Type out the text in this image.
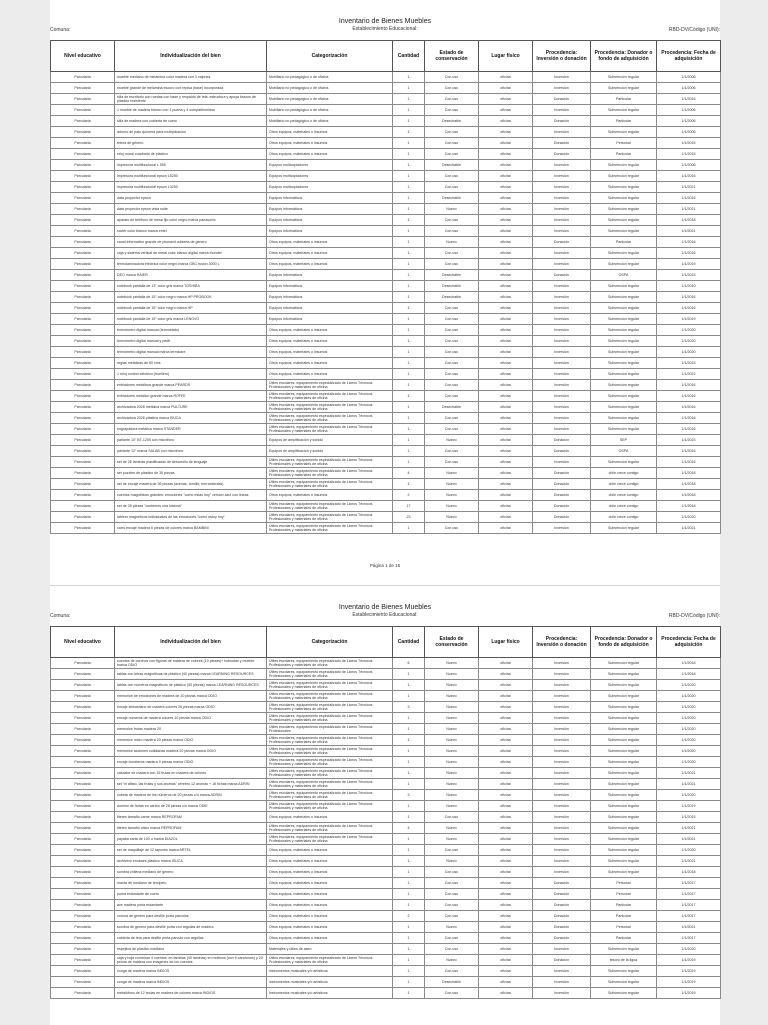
Inventario de Bienes Muebles
Establecimiento Educacional:
Comuna:	RBD-DV/Código (UNI):
Nivel educativo	Individualización del bien	Categorización	Cantidad	Estado de conservación	Lugar físico	Procedencia: Inversión o donación	Procedencia: Donador o fondo de adquisición	Procedencia: Fecha de adquisición
Parvularia	mueble mediano de melamina color madera con 3 cajones	Mobiliario no pedagógico o de oficina	1	Con uso	oficina	Inversión	Subvencion regular	1/1/2006
Parvularia	mueble grande de melamina escuro con repisa (base) incorporada	Mobiliario no pedagógico o de oficina	1	Con uso	oficina	Inversión	Subvencion regular	1/1/2006
Parvularia	silla de escritorio con ruedas con base y respaldo de tela, estructura y apoya brazos de plástico resistente	Mobiliario no pedagógico o de oficina	1	Con uso	oficina	Donación	Particular	1/1/2016
Parvularia	1 mueble de madera blanco con 1 puerta y 4 compartimentos	Mobiliario no pedagógico o de oficina	1	Con uso	oficina	Inversión	Subvencion regular	1/1/2006
Parvularia	silla de madera con cubierta de cuero	Mobiliario no pedagógico o de oficina	1	Desechable	oficina	Donación	Particular	1/1/2006
Parvularia	adorno de pato quimera para multiplicación	Otros equipos, materiales o insumos	1	Con uso	oficina	Inversión	Subvencion regular	1/1/2006
Parvularia	tetera de género	Otros equipos, materiales o insumos	1	Con uso	oficina	Donación	Personal	1/1/2015
Parvularia	reloj mural cuadrado de plástico	Otros equipos, materiales o insumos	1	Con uso	oficina	Donación	Particular	1/1/2015
Parvularia	impresora multifuncional L 555	Equipos multicopiadores	1	Desechable	oficina	Inversión	Subvencion regular	1/1/2006
Parvularia	impresora multifuncional epson L5250	Equipos multicopiadores	1	Con uso	oficina	Inversión	Subvencion regular	1/1/2016
Parvularia	impresora multifuncional epson L3250	Equipos multicopiadores	1	Con uso	oficina	Inversión	Subvencion regular	1/1/2021
Parvularia	data proyector epson	Equipos informáticos	1	Desechable	oficina	Inversión	Subvencion regular	1/1/2016
Parvularia	data proyector epson vista suite	Equipos informáticos	1	Nuevo	oficina	Inversión	Subvencion regular	1/1/2021
Parvularia	aparato de teléfono de mesa fijo color negro marca panasonic	Equipos informáticos	1	Con uso	oficina	Inversión	Subvencion regular	1/1/2018
Parvularia	router color blanco marca entel	Equipos informáticos	1	Con uso	oficina	Inversión	Subvencion regular	1/1/2021
Parvularia	canal informativo grande de plumavit cubierta de genero	Otros equipos, materiales o insumos	1	Nuevo	oficina	Donación	Particular	1/1/2016
Parvularia	caja y sistema vertical de metal color blanco digital marca thunder	Otros equipos, materiales o insumos	1	Con uso	oficina	Inversión	Subvencion regular	1/1/2016
Parvularia	termolaminadora eléctrica color negro marca GBC fusion 3000 L	Otros equipos, materiales o insumos	1	Con uso	oficina	Inversión	Subvencion regular	1/1/2019
Parvularia	DEO marca HAIER	Equipos informáticos	1	Desechable	oficina	Donación	OSPA	1/1/2015
Parvularia	notebook pantalla de 13" color gris marca TOSHIBA	Equipos informáticos	1	Desechable	oficina	Inversión	Subvencion regular	1/1/2010
Parvularia	notebook pantalla de 15" color negro marca HP PROBOOK	Equipos informáticos	1	Desechable	oficina	Inversión	Subvencion regular	1/1/2016
Parvularia	notebook pantalla de 15" color negro marca HP	Equipos informáticos	1	Con uso	oficina	Inversión	Subvencion regular	1/1/2016
Parvularia	notebook pantalla de 15" color gris marca LENOVO	Equipos informáticos	1	Con uso	oficina	Inversión	Subvencion regular	1/1/2019
Parvularia	termómetro digital manual (termostato)	Otros equipos, materiales o insumos	1	Con uso	oficina	Inversión	Subvencion regular	1/1/2020
Parvularia	termómetro digital manual y pedil	Otros equipos, materiales o insumos	1	Con uso	oficina	Inversión	Subvencion regular	1/1/2020
Parvularia	termómetro digital manual marca termicare	Otros equipos, materiales o insumos	1	Con uso	oficina	Inversión	Subvencion regular	1/1/2020
Parvularia	reglas metálicas de 60 cms	Otros equipos, materiales o insumos	1	Con uso	oficina	Inversión	Subvencion regular	1/1/2015
Parvularia	1 reloj control eléctrico (huellero)	Otros equipos, materiales o insumos	1	Con uso	oficina	Inversión	Subvencion regular	1/1/2022
Parvularia	enfriadores metálicos grande marca PEARDS	Útiles escolares, equipamiento especializado de Liceos Técnicos Profesionales y materiales de oficina	1	Con uso	oficina	Inversión	Subvencion regular	1/1/2016
Parvularia	enfriadores metálico grande marca ROFFE	Útiles escolares, equipamiento especializado de Liceos Técnicos Profesionales y materiales de oficina	1	Con uso	oficina	Inversión	Subvencion regular	1/1/2016
Parvularia	archivadora 2026 metálica marca PULTURE	Útiles escolares, equipamiento especializado de Liceos Técnicos Profesionales y materiales de oficina	1	Desechable	oficina	Inversión	Subvencion regular	1/1/2016
Parvularia	archivadora 2026 plástica marca ISUCA	Útiles escolares, equipamiento especializado de Liceos Técnicos Profesionales y materiales de oficina	1	Con uso	oficina	Inversión	Subvencion regular	1/1/2016
Parvularia	engrapadora metalica marca STANDER	Útiles escolares, equipamiento especializado de Liceos Técnicos Profesionales y materiales de oficina	1	Con uso	oficina	Inversión	Subvencion regular	1/1/2016
Parvularia	parlante 10" BT-1205 con micrófono	Equipos de amplificación y sonido	1	Nuevo	oficina	Donación	SEP	1/1/2023
Parvularia	parlante 12" marca SALAB con micrófono	Equipos de amplificación y sonido	1	Con uso	oficina	Donación	OSPA	1/1/2016
Parvularia	set de 26 láminas plastificadas de desarrollo de lenguaje	Útiles escolares, equipamiento especializado de Liceos Técnicos Profesionales y materiales de oficina	1	Con uso	oficina	Inversión	Subvencion regular	1/1/2016
Parvularia	set puzzles de plástico de 30 piezas	Útiles escolares, equipamiento especializado de Liceos Técnicos Profesionales y materiales de oficina	4	Nuevo	oficina	Donación	chile crece contigo	1/1/2018
Parvularia	set de encaje madera de 36 piezas (avenas, tornillo, herramientas)	Útiles escolares, equipamiento especializado de Liceos Técnicos Profesionales y materiales de oficina	1	Nuevo	oficina	Donación	chile crece contigo	1/1/2018
Parvularia	cuentos magnéticos grandes: emociones "como estas hoy" version azul con lineas	Otros equipos, materiales o insumos	2	Nuevo	oficina	Donación	chile crece contigo	1/1/2018
Parvularia	set de 39 piezas "contemos una historia"	Útiles escolares, equipamiento especializado de Liceos Técnicos Profesionales y materiales de oficina	17	Nuevo	oficina	Donación	chile crece contigo	1/1/2018
Parvularia	tablero magnéticos individuales de las emociones "como estoy hoy"	Útiles escolares, equipamiento especializado de Liceos Técnicos Profesionales y materiales de oficina	23	Nuevo	oficina	Donación	chile crece contigo	1/1/2020
Parvularia	carro encaje madera 6 piezas de colores marca BAMBINI	Útiles escolares, equipamiento especializado de Liceos Técnicos Profesionales y materiales de oficina	1	Con uso	oficina	Inversión	Subvencion regular	1/1/2021
Página 1 de 15
Inventario de Bienes Muebles
Establecimiento Educacional:
Comuna:	RBD-DV/Código (UNI):
Nivel educativo	Individualización del bien	Categorización	Cantidad	Estado de conservación	Lugar físico	Procedencia: Inversión o donación	Procedencia: Donador o fondo de adquisición	Procedencia: Fecha de adquisición
Parvularia	cuentos de corchos con figuras de madera de colores (10 piezas)+ bolsudas y mueble marca ODIO	Útiles escolares, equipamiento especializado de Liceos Técnicos Profesionales y materiales de oficina	6	Nuevo	oficina	Inversión	Subvencion regular	1/1/2018
Parvularia	tablas con letras magnéticas de plástico (40 piezas) marca LEARNING RESOURCES	Útiles escolares, equipamiento especializado de Liceos Técnicos Profesionales y materiales de oficina	1	Nuevo	oficina	Inversión	Subvencion regular	1/1/2018
Parvularia	tablas con números magnéticos de plástico (50 piezas) marca LEARNING RESOURCES	Útiles escolares, equipamiento especializado de Liceos Técnicos Profesionales y materiales de oficina	1	Nuevo	oficina	Inversión	Subvencion regular	1/1/2020
Parvularia	memorice de emociones de madera de 20 piezas marca ODIO	Útiles escolares, equipamiento especializado de Liceos Técnicos Profesionales y materiales de oficina	1	Nuevo	oficina	Inversión	Subvencion regular	1/1/2020
Parvularia	encaje abecedario de madera colores 26 piezas marca ODIO	Útiles escolares, equipamiento especializado de Liceos Técnicos Profesionales y materiales de oficina	3	Nuevo	oficina	Inversión	Subvencion regular	1/1/2020
Parvularia	encaje números de madera colores 10 piezas marca ODIO	Útiles escolares, equipamiento especializado de Liceos Técnicos Profesionales y materiales de oficina	1	Nuevo	oficina	Inversión	Subvencion regular	1/1/2020
Parvularia	memorice frutas madera 20	Útiles escolares, equipamiento especializado de Liceos Técnicos Profesionales	1	Nuevo	oficina	Inversión	Subvencion regular	1/1/2020
Parvularia	memorice micro madera 20 piezas marca ODIO	Útiles escolares, equipamiento especializado de Liceos Técnicos Profesionales y materiales de oficina	1	Nuevo	oficina	Inversión	Subvencion regular	1/1/2020
Parvularia	memorice acciones cotidianas madera 20 piezas marca ODIO	Útiles escolares, equipamiento especializado de Liceos Técnicos Profesionales y materiales de oficina	1	Nuevo	oficina	Inversión	Subvencion regular	1/1/2020
Parvularia	encaje bomberos madera 9 piezas marca ODIO	Útiles escolares, equipamiento especializado de Liceos Técnicos Profesionales y materiales de oficina	1	Nuevo	oficina	Inversión	Subvencion regular	1/1/2020
Parvularia	cascabe de madera con 15 frutas en madera de colores	Útiles escolares, equipamiento especializado de Liceos Técnicos Profesionales y materiales de oficina	1	Nuevo	oficina	Inversión	Subvencion regular	1/1/2021
Parvularia	set "el alfato, las frutas y sus aromas" cerebro 12 aromas + 16 fichas marca ADRIN	Útiles escolares, equipamiento especializado de Liceos Técnicos Profesionales y materiales de oficina	1	Nuevo	oficina	Inversión	Subvencion regular	1/1/2021
Parvularia	cubeta de madera de los números de 20 piezas c/u marca ADRIN	Útiles escolares, equipamiento especializado de Liceos Técnicos Profesionales y materiales de oficina	3	Nuevo	oficina	Inversión	Subvencion regular	1/1/2020
Parvularia	domino de frutas en cartón de 28 piezas c/u marca ODIE	Útiles escolares, equipamiento especializado de Liceos Técnicos Profesionales y materiales de oficina	1	Nuevo	oficina	Inversión	Subvencion regular	1/1/2019
Parvularia	titeres tamaño carne marca REPROFAM	Otros equipos, materiales o insumos	1	Con uso	oficina	Inversión	Subvencion regular	1/1/2015
Parvularia	titeres tamaño oficio marca REPROFAM	Útiles escolares, equipamiento especializado de Liceos Técnicos Profesionales y materiales de oficina	4	Nuevo	oficina	Inversión	Subvencion regular	1/1/2021
Parvularia	payaba carta de 100 u marca DIAZOL	Útiles escolares, equipamiento especializado de Liceos Técnicos Profesionales y materiales de oficina	1	Nuevo	oficina	Inversión	Subvencion regular	1/1/2021
Parvularia	set de maquillaje de 12 tapones marca ARTEL	Otros equipos, materiales o insumos	1	Con uso	oficina	Inversión	Subvencion regular	1/1/2020
Parvularia	archivero enubaes plastico marca ISUCA	Otros equipos, materiales o insumos	1	Nuevo	oficina	Inversión	Subvencion regular	1/1/2021
Parvularia	sombra chilena mediano de genero	Otros equipos, materiales o insumos	1	Con uso	oficina	Inversión	Subvencion regular	1/1/2018
Parvularia	manta de mediano de tercipelo	Otros equipos, materiales o insumos	1	Con uso	oficina	Donación	Personal	1/1/2017
Parvularia	poma estandarte de cuero	Otros equipos, materiales o insumos	1	Con uso	oficina	Donación	Personal	1/1/2017
Parvularia	ave madera porta estandarte	Otros equipos, materiales o insumos	1	Con uso	oficina	Donación	Particular	1/1/2017
Parvularia	corona de genero para desfile porta parvulos	Otros equipos, materiales o insumos	2	Con uso	oficina	Donación	Particular	1/1/2017
Parvularia	sombra de genero para desfile porta con argollas de madera	Otros equipos, materiales o insumos	1	Nuevo	oficina	Donación	Personal	1/1/2021
Parvularia	cubierta de tela para desfile porta parvulo con argollas	Otros equipos, materiales o insumos	1	Con uso	oficina	Donación	Particular	1/1/2017
Parvularia	espejitos de plastico mediano	Materiales y útiles de aseo	1	Con uso	oficina	Inversión	Subvencion regular	1/1/2020
Parvularia	caja y hoja combinar 4 cuentos: en familias (40 laminas) en mollinos (con 6 canciones) y 20 pelota de madera con imagenes de los cuentos	Útiles escolares, equipamiento especializado de Liceos Técnicos Profesionales y materiales de oficina	1	Nuevo	oficina	Donación	tesoro de la ligua	1/1/2019
Parvularia	conga de madera marca INDIOS	instrumentos musicales y/o artísticos	1	Con uso	oficina	Inversión	Subvencion regular	1/1/2019
Parvularia	conga de madera marca INDIOS	instrumentos musicales y/o artísticos	1	Desechable	oficina	Inversión	Subvencion regular	1/1/2019
Parvularia	metalófono de 12 teclas en madera de colores marca INDIOS	instrumentos musicales y/o artísticos	1	Con uso	oficina	Inversión	Subvencion regular	1/1/2019
